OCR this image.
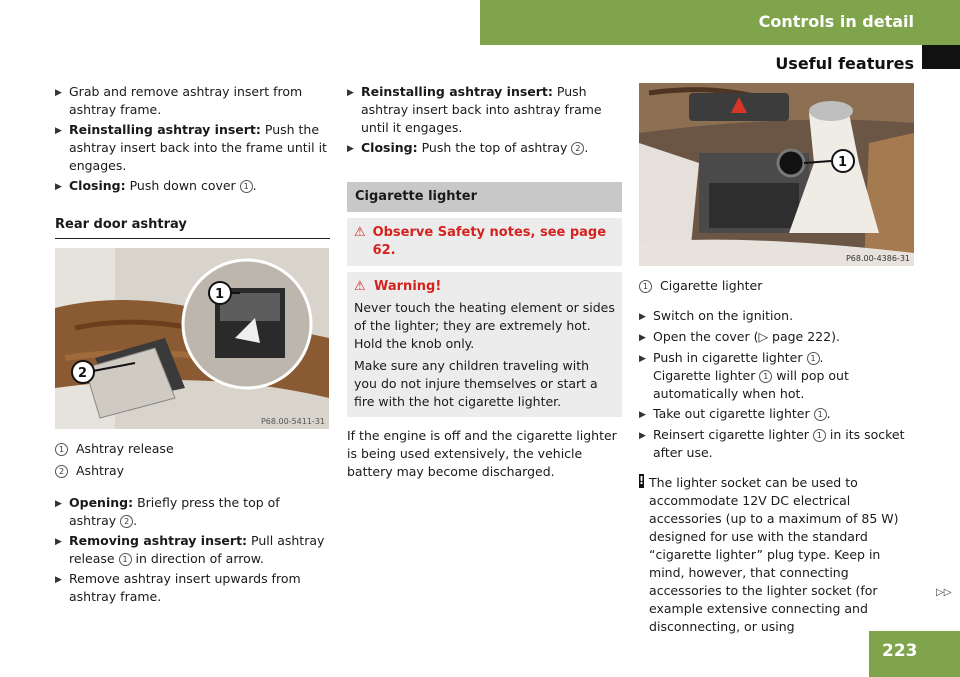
Controls in detail
Useful features
▶ Grab and remove ashtray insert from ashtray frame.
▶ Reinstalling ashtray insert: Push the ashtray insert back into the frame until it engages.
▶ Closing: Push down cover 1 .
Rear door ashtray
1
2
P68.00-5411-31
1 Ashtray release
2 Ashtray
▶ Opening: Briefly press the top of ashtray 2 .
▶ Removing ashtray insert: Pull ashtray release 1 in direction of arrow.
▶ Remove ashtray insert upwards from ashtray frame.
▶ Reinstalling ashtray insert: Push ashtray insert back into ashtray frame until it engages.
▶ Closing: Push the top of ashtray 2 .
Cigarette lighter
⚠ Observe Safety notes, see page 62.
⚠ Warning!
Never touch the heating element or sides of the lighter; they are extremely hot. Hold the knob only.
Make sure any children traveling with you do not injure themselves or start a fire with the hot cigarette lighter.
If the engine is off and the cigarette lighter is being used extensively, the vehicle battery may become discharged.
1
P68.00-4386-31
1 Cigarette lighter
▶ Switch on the ignition.
▶ Open the cover (▷ page 222).
▶ Push in cigarette lighter 1 .
Cigarette lighter 1 will pop out automatically when hot.
▶ Take out cigarette lighter 1 .
▶ Reinsert cigarette lighter 1 in its socket after use.
! The lighter socket can be used to accommodate 12V DC electrical accessories (up to a maximum of 85 W) designed for use with the standard “cigarette lighter” plug type. Keep in mind, however, that connecting accessories to the lighter socket (for example extensive connecting and disconnecting, or using
▷▷
223
